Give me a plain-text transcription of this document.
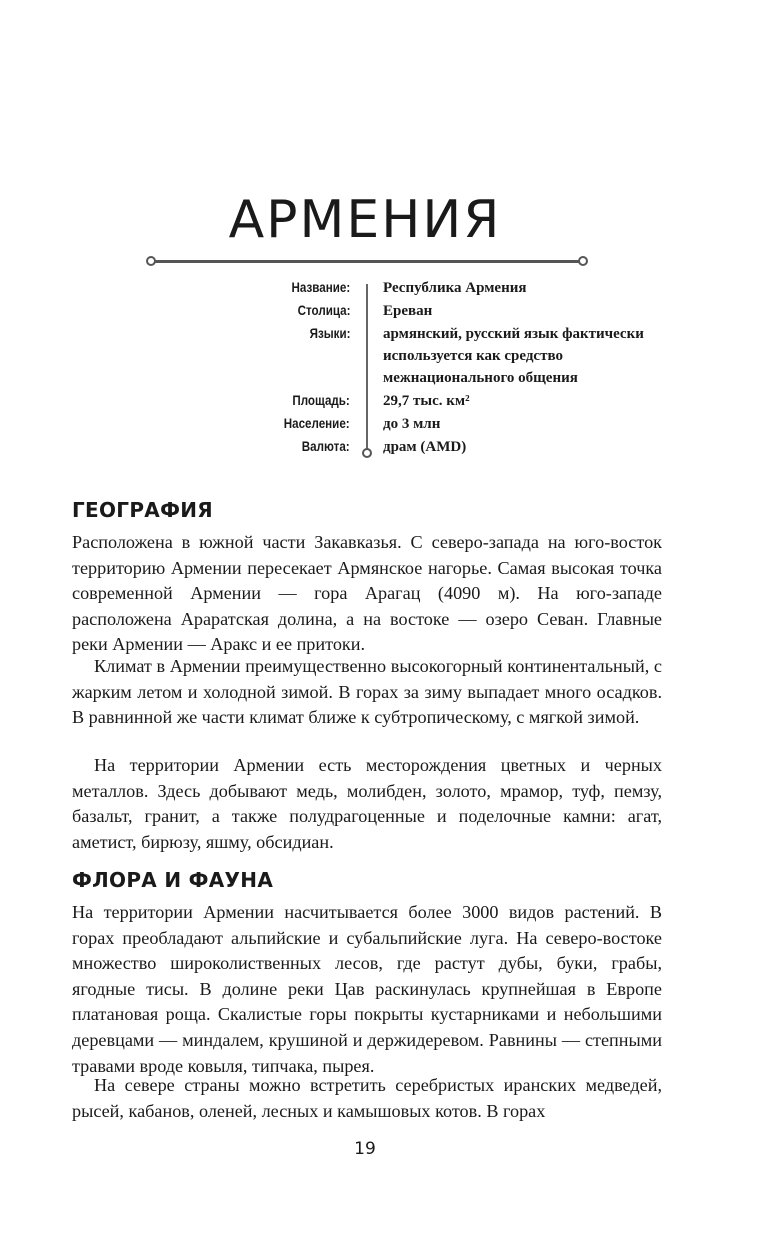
АРМЕНИЯ
Название: Республика Армения
Столица: Ереван
Языки: армянский, русский язык фактически используется как средство межнационального общения
Площадь: 29,7 тыс. км²
Население: до 3 млн
Валюта: драм (AMD)
ГЕОГРАФИЯ

Расположена в южной части Закавказья. С северо-запада на юго-восток территорию Армении пересекает Армянское нагорье. Самая высокая точка современной Армении — гора Арагац (4090 м). На юго-западе расположена Араратская долина, а на востоке — озеро Севан. Главные реки Армении — Аракс и ее притоки.

Климат в Армении преимущественно высокогорный континентальный, с жарким летом и холодной зимой. В горах за зиму выпадает много осадков. В равнинной же части климат ближе к субтропическому, с мягкой зимой.

На территории Армении есть месторождения цветных и черных металлов. Здесь добывают медь, молибден, золото, мрамор, туф, пемзу, базальт, гранит, а также полудрагоценные и поделочные камни: агат, аметист, бирюзу, яшму, обсидиан.

ФЛОРА И ФАУНА

На территории Армении насчитывается более 3000 видов растений. В горах преобладают альпийские и субальпийские луга. На северо-востоке множество широколиственных лесов, где растут дубы, буки, грабы, ягодные тисы. В долине реки Цав раскинулась крупнейшая в Европе платановая роща. Скалистые горы покрыты кустарниками и небольшими деревцами — миндалем, крушиной и держидеревом. Равнины — степными травами вроде ковыля, типчака, пырея.

На севере страны можно встретить серебристых иранских медведей, рысей, кабанов, оленей, лесных и камышовых котов. В горах

19
